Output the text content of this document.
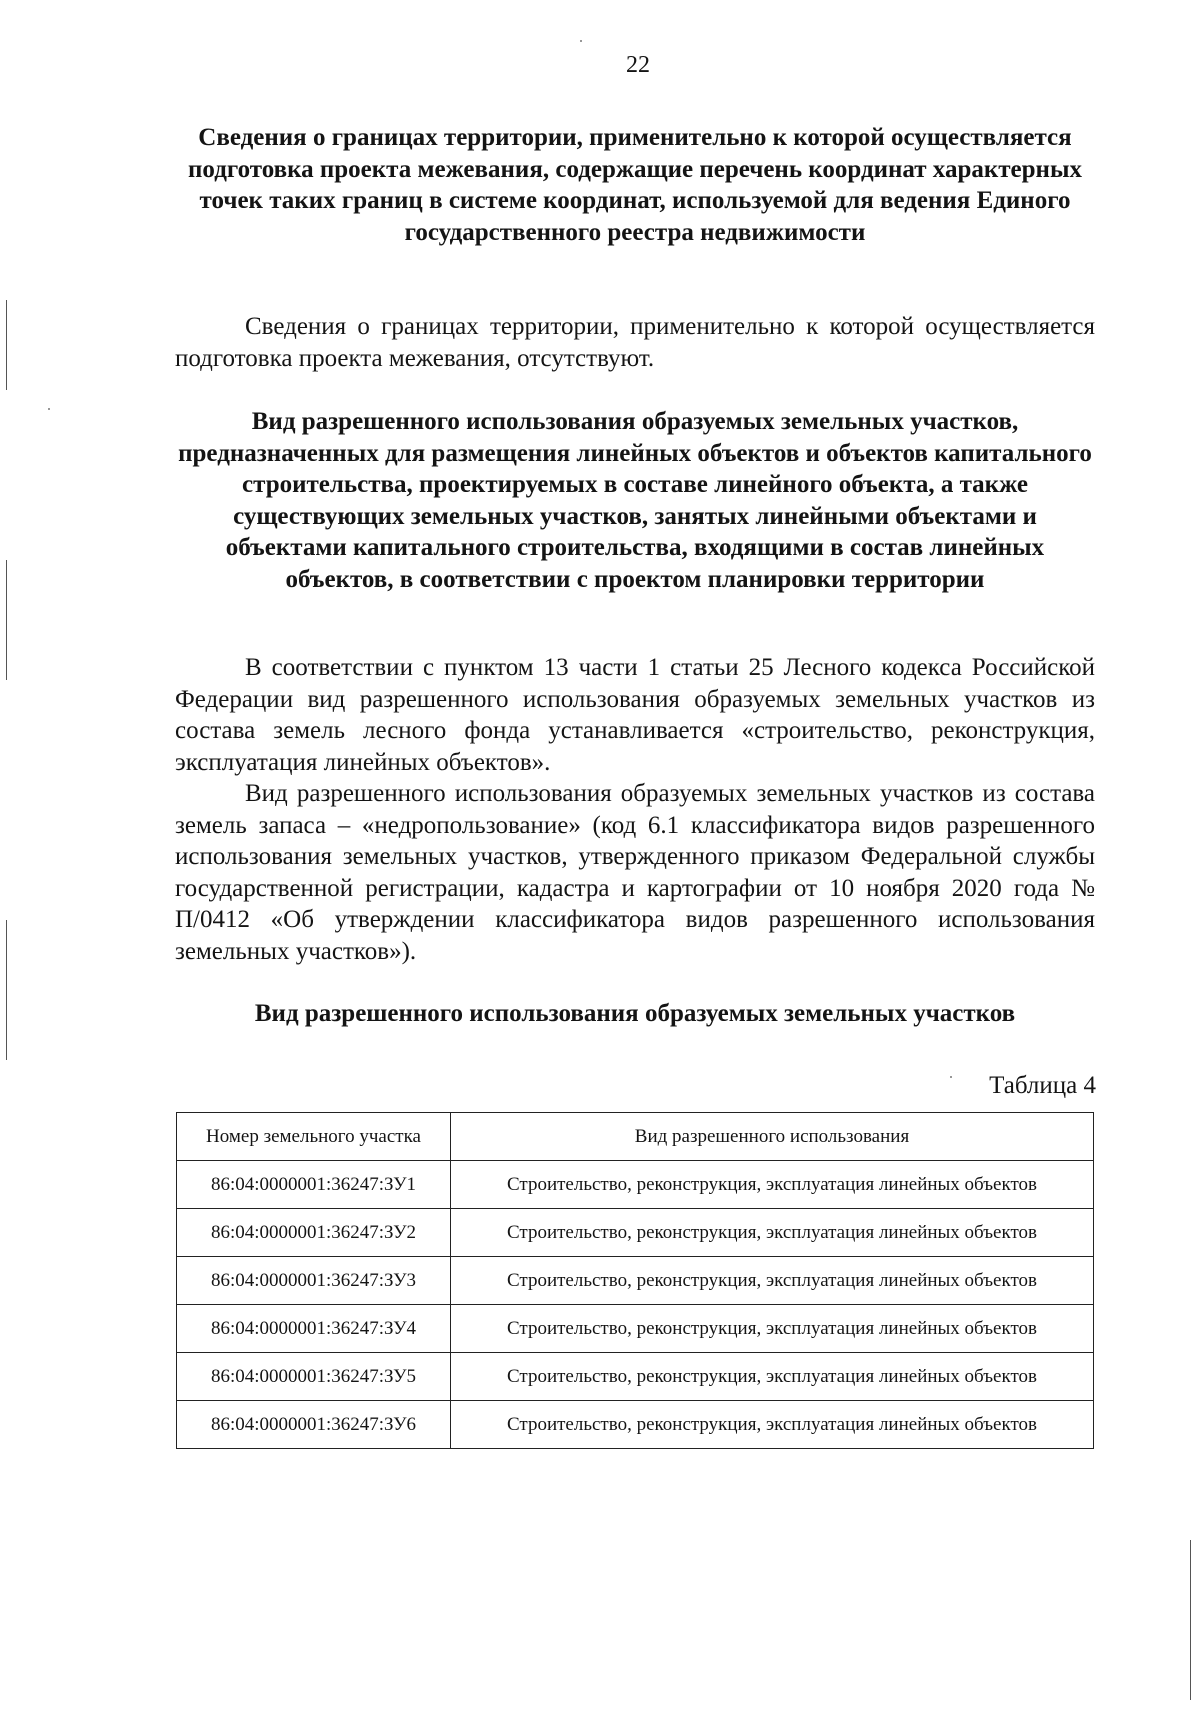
22

Сведения о границах территории, применительно к которой осуществляется подготовка проекта межевания, содержащие перечень координат характерных точек таких границ в системе координат, используемой для ведения Единого государственного реестра недвижимости

Сведения о границах территории, применительно к которой осуществляется подготовка проекта межевания, отсутствуют.

Вид разрешенного использования образуемых земельных участков, предназначенных для размещения линейных объектов и объектов капитального строительства, проектируемых в составе линейного объекта, а также существующих земельных участков, занятых линейными объектами и объектами капитального строительства, входящими в состав линейных объектов, в соответствии с проектом планировки территории

В соответствии с пунктом 13 части 1 статьи 25 Лесного кодекса Российской Федерации вид разрешенного использования образуемых земельных участков из состава земель лесного фонда устанавливается «строительство, реконструкция, эксплуатация линейных объектов».

Вид разрешенного использования образуемых земельных участков из состава земель запаса – «недропользование» (код 6.1 классификатора видов разрешенного использования земельных участков, утвержденного приказом Федеральной службы государственной регистрации, кадастра и картографии от 10 ноября 2020 года № П/0412 «Об утверждении классификатора видов разрешенного использования земельных участков»).

Вид разрешенного использования образуемых земельных участков

Таблица 4
Номер земельного участка	Вид разрешенного использования
86:04:0000001:36247:ЗУ1	Строительство, реконструкция, эксплуатация линейных объектов
86:04:0000001:36247:ЗУ2	Строительство, реконструкция, эксплуатация линейных объектов
86:04:0000001:36247:ЗУ3	Строительство, реконструкция, эксплуатация линейных объектов
86:04:0000001:36247:ЗУ4	Строительство, реконструкция, эксплуатация линейных объектов
86:04:0000001:36247:ЗУ5	Строительство, реконструкция, эксплуатация линейных объектов
86:04:0000001:36247:ЗУ6	Строительство, реконструкция, эксплуатация линейных объектов
